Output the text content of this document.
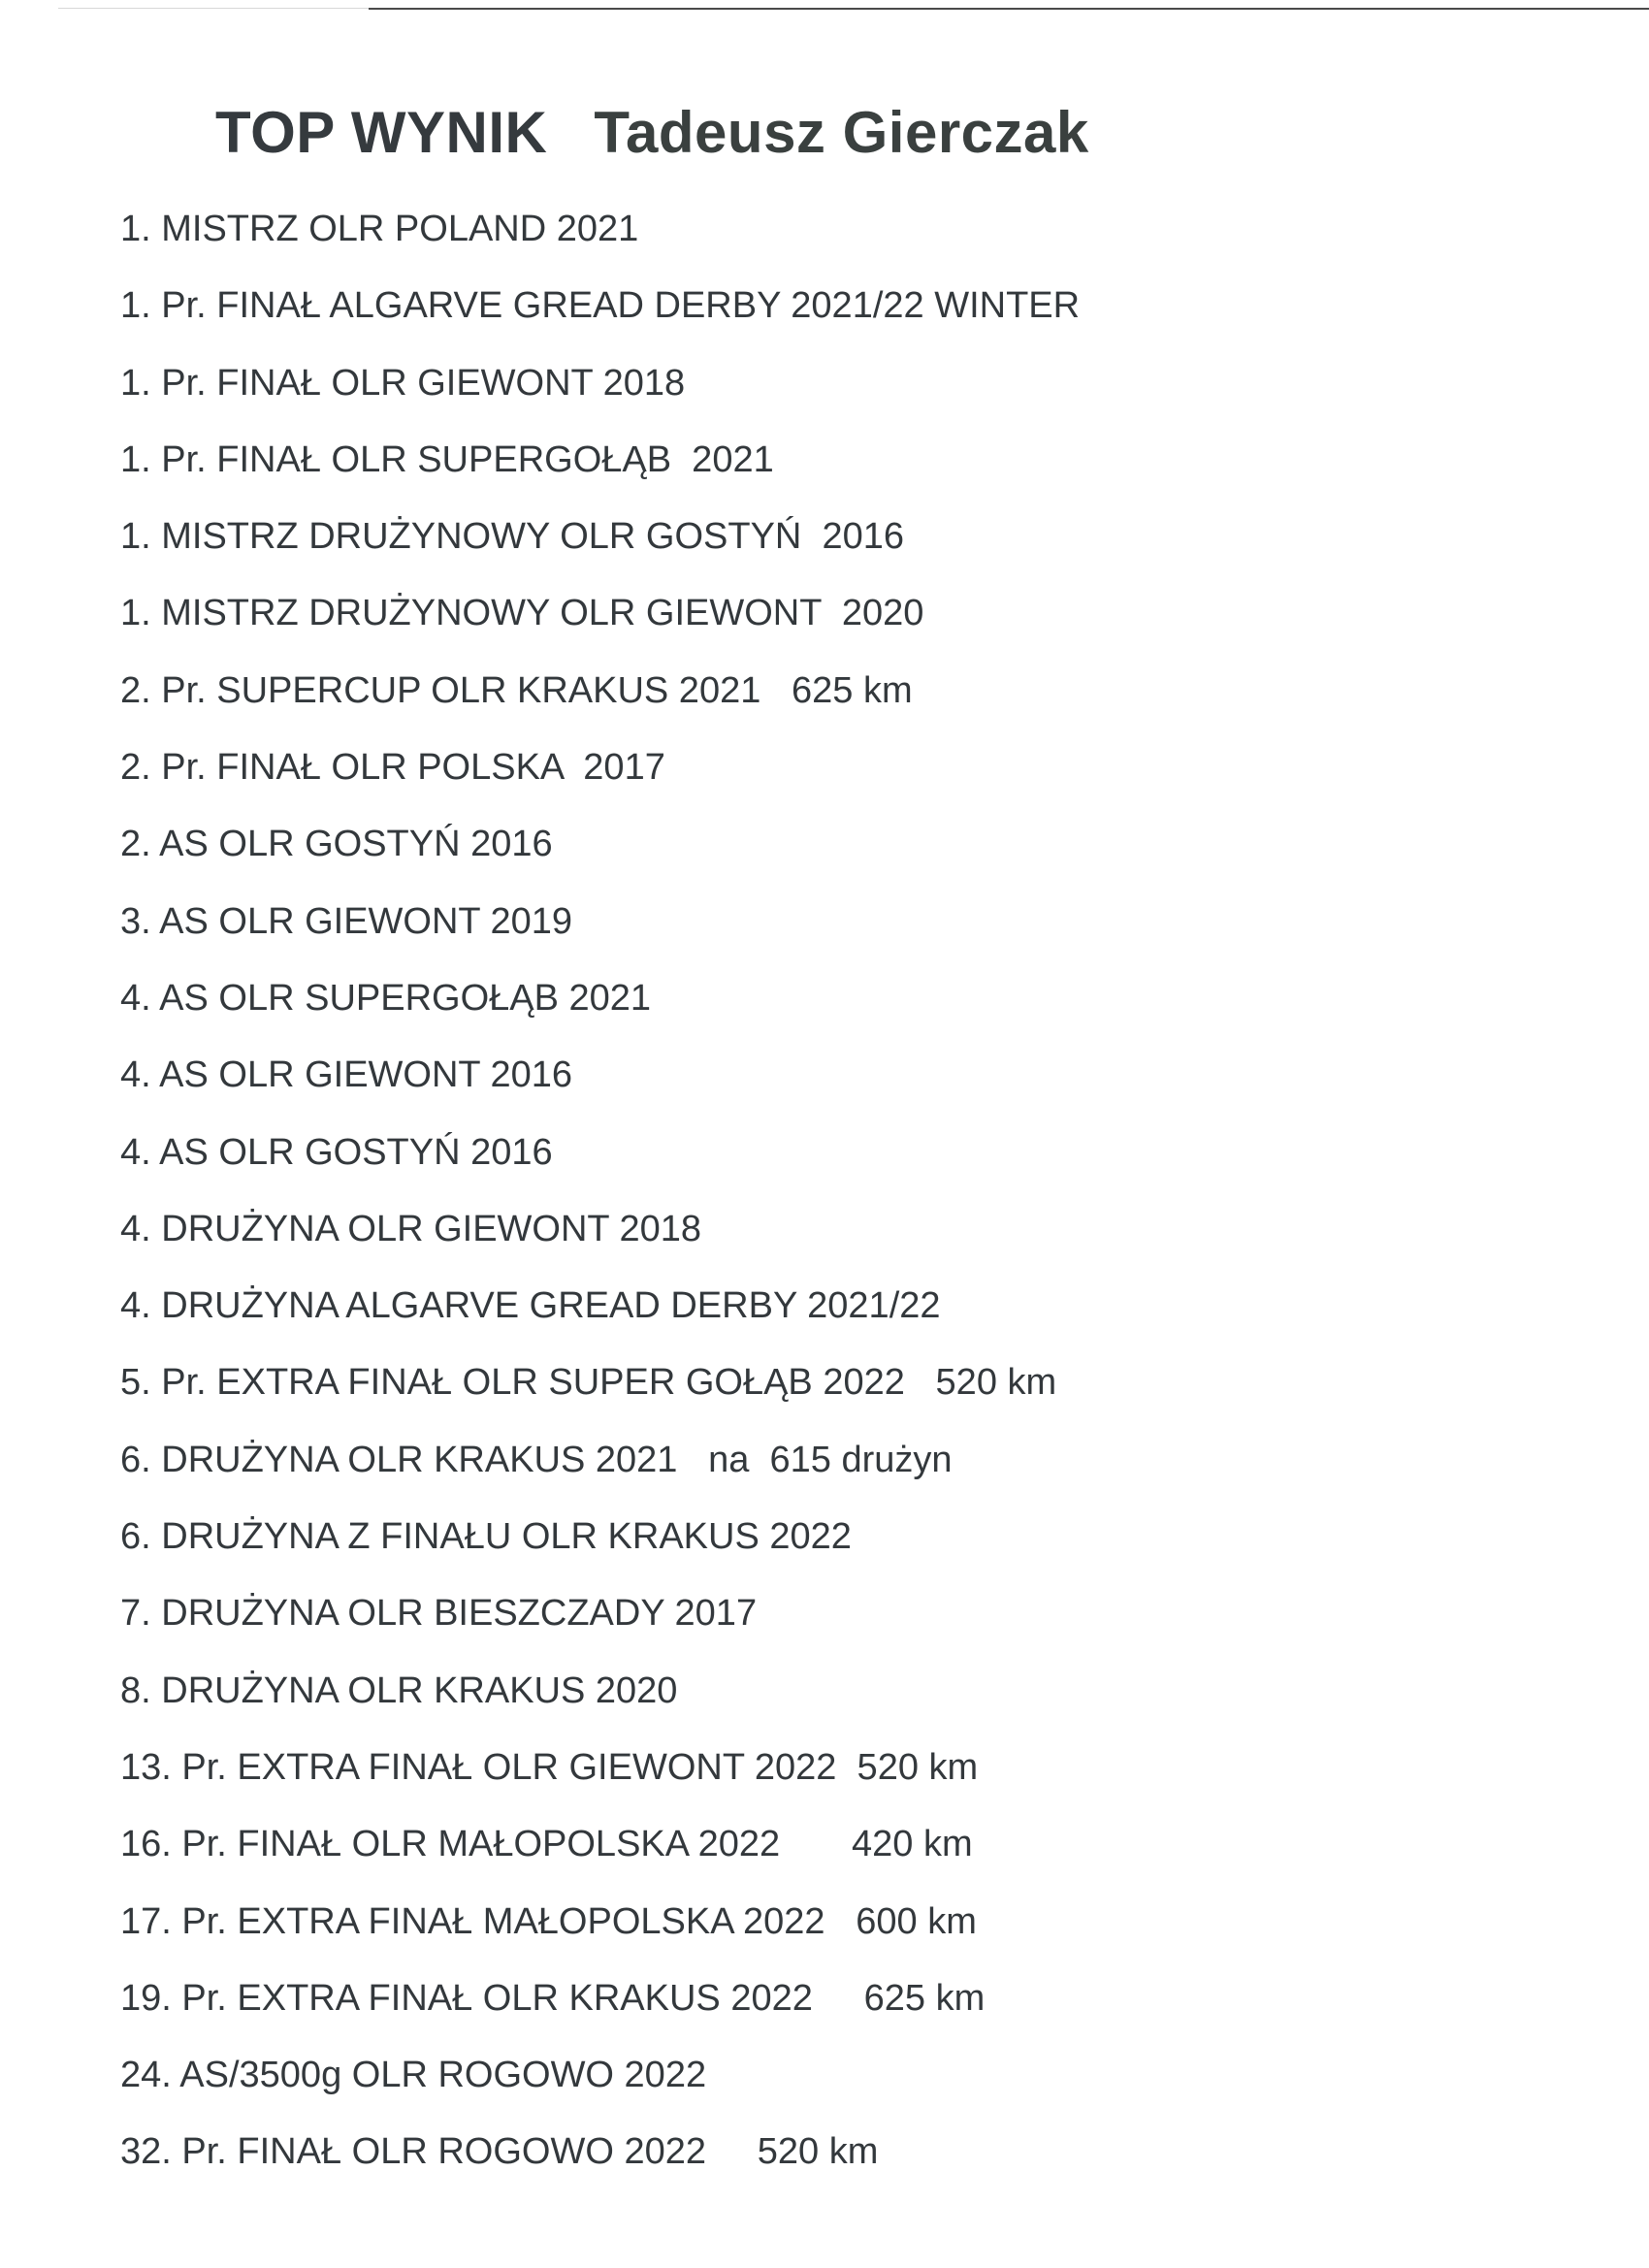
TOP WYNIK Tadeusz Gierczak
1. MISTRZ OLR POLAND 2021
1. Pr. FINAŁ ALGARVE GREAD DERBY 2021/22 WINTER
1. Pr. FINAŁ OLR GIEWONT 2018
1. Pr. FINAŁ OLR SUPERGOŁĄB  2021
1. MISTRZ DRUŻYNOWY OLR GOSTYŃ  2016
1. MISTRZ DRUŻYNOWY OLR GIEWONT  2020
2. Pr. SUPERCUP OLR KRAKUS 2021   625 km
2. Pr. FINAŁ OLR POLSKA  2017
2. AS OLR GOSTYŃ 2016
3. AS OLR GIEWONT 2019
4. AS OLR SUPERGOŁĄB 2021
4. AS OLR GIEWONT 2016
4. AS OLR GOSTYŃ 2016
4. DRUŻYNA OLR GIEWONT 2018
4. DRUŻYNA ALGARVE GREAD DERBY 2021/22
5. Pr. EXTRA FINAŁ OLR SUPER GOŁĄB 2022   520 km
6. DRUŻYNA OLR KRAKUS 2021   na  615 drużyn
6. DRUŻYNA Z FINAŁU OLR KRAKUS 2022
7. DRUŻYNA OLR BIESZCZADY 2017
8. DRUŻYNA OLR KRAKUS 2020
13. Pr. EXTRA FINAŁ OLR GIEWONT 2022  520 km
16. Pr. FINAŁ OLR MAŁOPOLSKA 2022       420 km
17. Pr. EXTRA FINAŁ MAŁOPOLSKA 2022   600 km
19. Pr. EXTRA FINAŁ OLR KRAKUS 2022     625 km
24. AS/3500g OLR ROGOWO 2022
32. Pr. FINAŁ OLR ROGOWO 2022     520 km
